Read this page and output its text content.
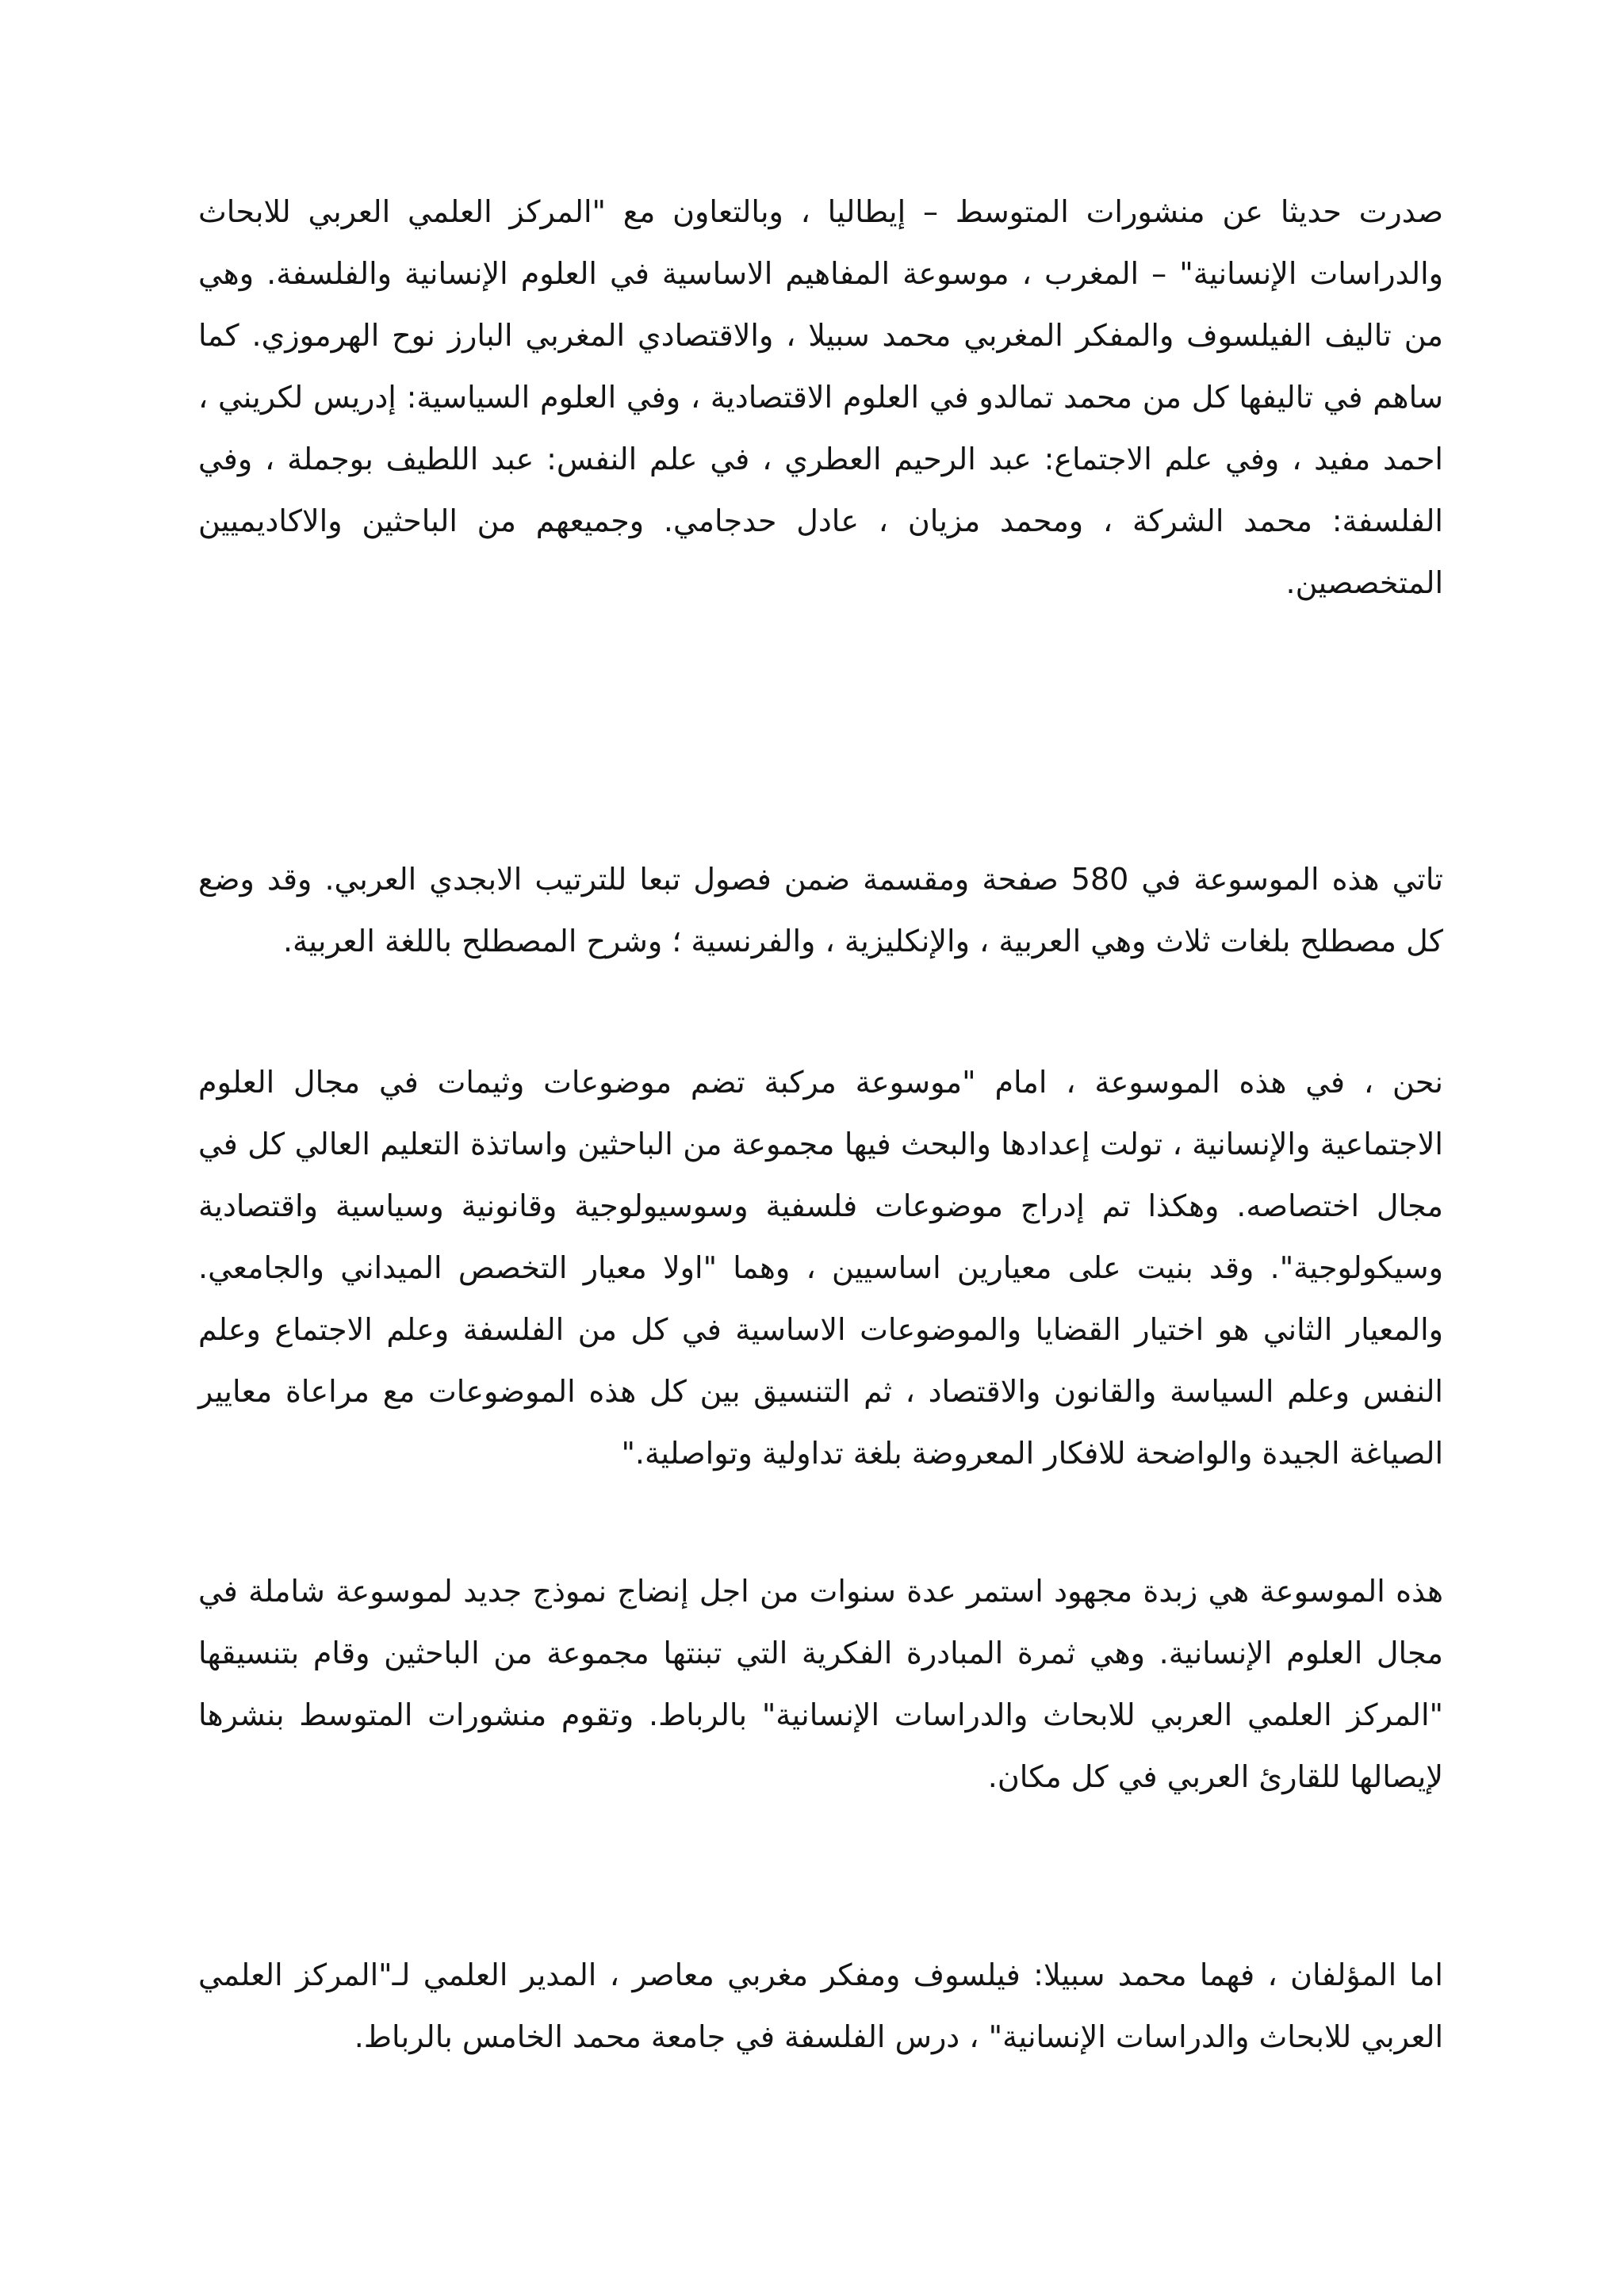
صدرت حديثا عن منشورات المتوسط – إيطاليا ، وبالتعاون مع "المركز العلمي العربي للابحاث والدراسات الإنسانية" – المغرب ، موسوعة المفاهيم الاساسية في العلوم الإنسانية والفلسفة. وهي من تاليف الفيلسوف والمفكر المغربي محمد سبيلا ، والاقتصادي المغربي البارز نوح الهرموزي. كما ساهم في تاليفها كل من محمد تمالدو في العلوم الاقتصادية ، وفي العلوم السياسية: إدريس لكريني ، احمد مفيد ، وفي علم الاجتماع: عبد الرحيم العطري ، في علم النفس: عبد اللطيف بوجملة ، وفي الفلسفة: محمد الشركة ، ومحمد مزيان ، عادل حدجامي. وجميعهم من الباحثين والاكاديميين المتخصصين.

تاتي هذه الموسوعة في 580 صفحة ومقسمة ضمن فصول تبعا للترتيب الابجدي العربي. وقد وضع كل مصطلح بلغات ثلاث وهي العربية ، والإنكليزية ، والفرنسية ؛ وشرح المصطلح باللغة العربية.

نحن ، في هذه الموسوعة ، امام "موسوعة مركبة تضم موضوعات وثيمات في مجال العلوم الاجتماعية والإنسانية ، تولت إعدادها والبحث فيها مجموعة من الباحثين واساتذة التعليم العالي كل في مجال اختصاصه. وهكذا تم إدراج موضوعات فلسفية وسوسيولوجية وقانونية وسياسية واقتصادية وسيكولوجية". وقد بنيت على معيارين اساسيين ، وهما "اولا معيار التخصص الميداني والجامعي. والمعيار الثاني هو اختيار القضايا والموضوعات الاساسية في كل من الفلسفة وعلم الاجتماع وعلم النفس وعلم السياسة والقانون والاقتصاد ، ثم التنسيق بين كل هذه الموضوعات مع مراعاة معايير الصياغة الجيدة والواضحة للافكار المعروضة بلغة تداولية وتواصلية."

هذه الموسوعة هي زبدة مجهود استمر عدة سنوات من اجل إنضاج نموذج جديد لموسوعة شاملة في مجال العلوم الإنسانية. وهي ثمرة المبادرة الفكرية التي تبنتها مجموعة من الباحثين وقام بتنسيقها "المركز العلمي العربي للابحاث والدراسات الإنسانية" بالرباط. وتقوم منشورات المتوسط بنشرها لإيصالها للقارئ العربي في كل مكان.

اما المؤلفان ، فهما محمد سبيلا: فيلسوف ومفكر مغربي معاصر ، المدير العلمي لـ"المركز العلمي العربي للابحاث والدراسات الإنسانية" ، درس الفلسفة في جامعة محمد الخامس بالرباط.
